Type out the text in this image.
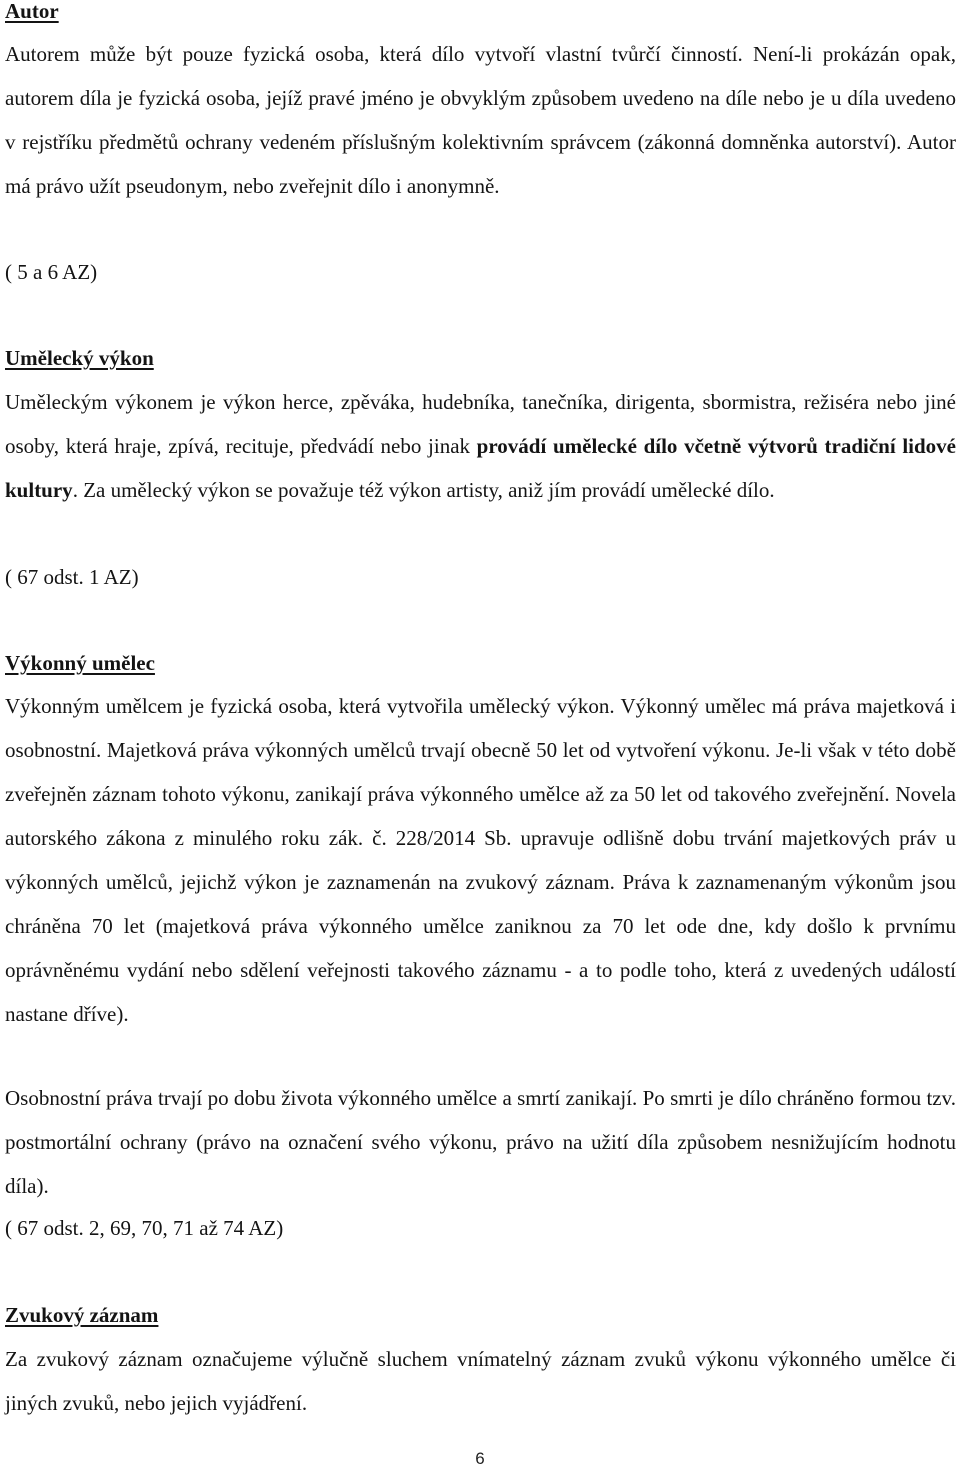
Autor

Autorem může být pouze fyzická osoba, která dílo vytvoří vlastní tvůrčí činností. Není-li prokázán opak, autorem díla je fyzická osoba, jejíž pravé jméno je obvyklým způsobem uvedeno na díle nebo je u díla uvedeno v rejstříku předmětů ochrany vedeném příslušným kolektivním správcem (zákonná domněnka autorství). Autor má právo užít pseudonym, nebo zveřejnit dílo i anonymně.

( 5 a 6 AZ)

Umělecký výkon

Uměleckým výkonem je výkon herce, zpěváka, hudebníka, tanečníka, dirigenta, sbormistra, režiséra nebo jiné osoby, která hraje, zpívá, recituje, předvádí nebo jinak provádí umělecké dílo včetně výtvorů tradiční lidové kultury. Za umělecký výkon se považuje též výkon artisty, aniž jím provádí umělecké dílo.

( 67 odst. 1 AZ)

Výkonný umělec

Výkonným umělcem je fyzická osoba, která vytvořila umělecký výkon. Výkonný umělec má práva majetková i osobnostní. Majetková práva výkonných umělců trvají obecně 50 let od vytvoření výkonu. Je-li však v této době zveřejněn záznam tohoto výkonu, zanikají práva výkonného umělce až za 50 let od takového zveřejnění. Novela autorského zákona z minulého roku zák. č. 228/2014 Sb. upravuje odlišně dobu trvání majetkových práv u výkonných umělců, jejichž výkon je zaznamenán na zvukový záznam. Práva k zaznamenaným výkonům jsou chráněna 70 let (majetková práva výkonného umělce zaniknou za 70 let ode dne, kdy došlo k prvnímu oprávněnému vydání nebo sdělení veřejnosti takového záznamu - a to podle toho, která z uvedených událostí nastane dříve).

Osobnostní práva trvají po dobu života výkonného umělce a smrtí zanikají. Po smrti je dílo chráněno formou tzv. postmortální ochrany (právo na označení svého výkonu, právo na užití díla způsobem nesnižujícím hodnotu díla).

( 67 odst. 2, 69, 70, 71 až 74 AZ)

Zvukový záznam

Za zvukový záznam označujeme výlučně sluchem vnímatelný záznam zvuků výkonu výkonného umělce či jiných zvuků, nebo jejich vyjádření.

6
